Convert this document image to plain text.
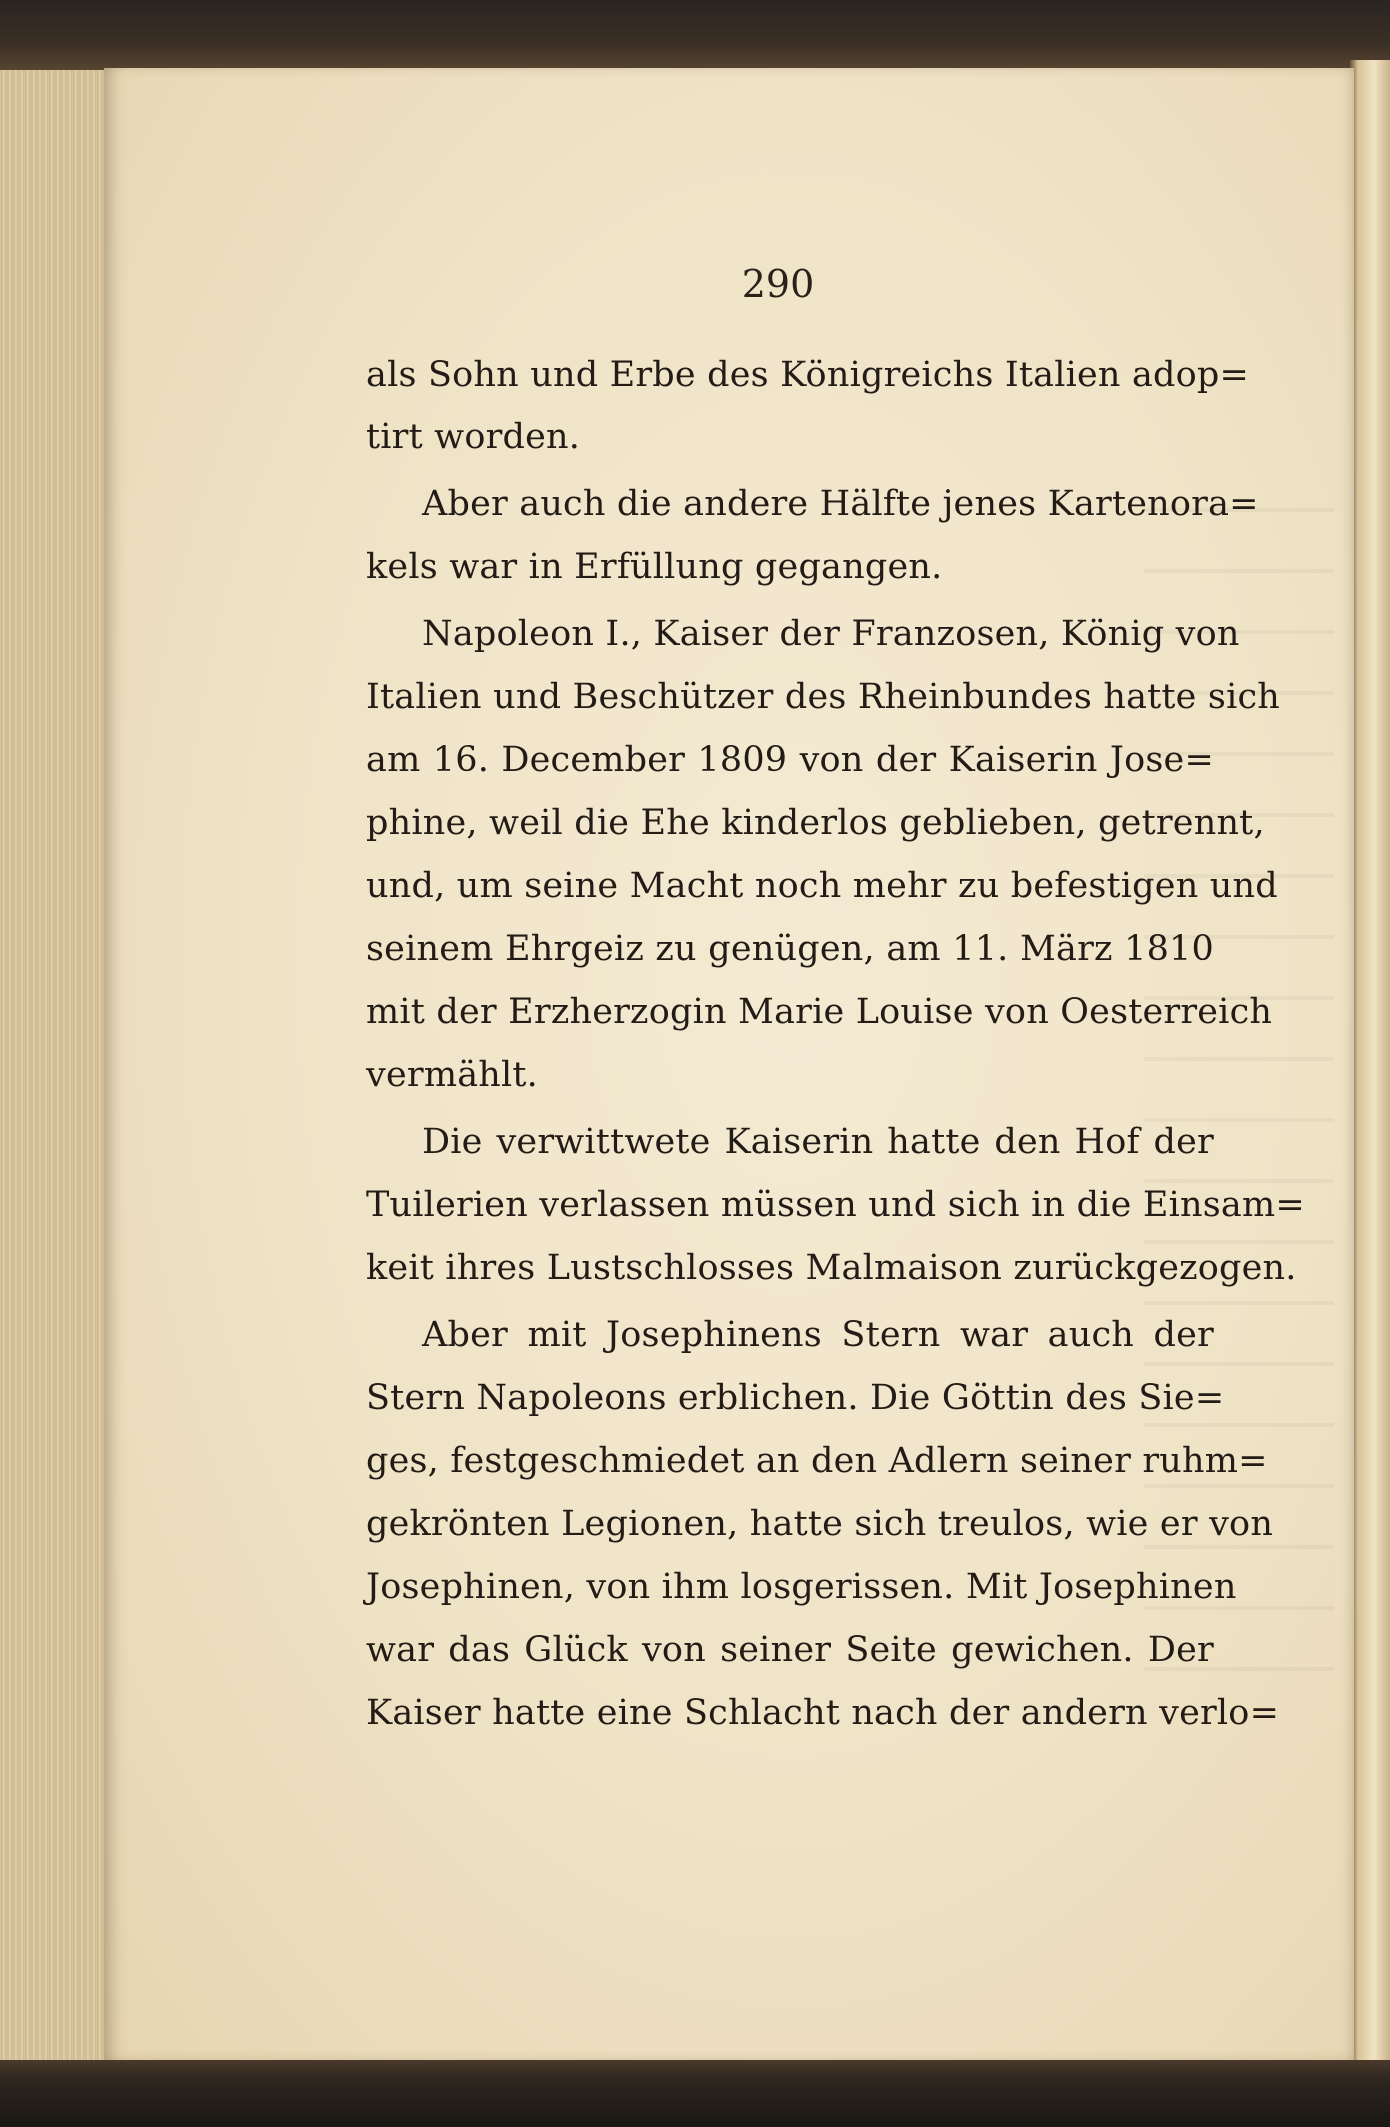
290
als Sohn und Erbe des Königreichs Italien adop=
tirt worden.
Aber auch die andere Hälfte jenes Kartenora=
kels war in Erfüllung gegangen.
Napoleon I., Kaiser der Franzosen, König von
Italien und Beschützer des Rheinbundes hatte sich
am 16. December 1809 von der Kaiserin Jose=
phine, weil die Ehe kinderlos geblieben, getrennt,
und, um seine Macht noch mehr zu befestigen und
seinem Ehrgeiz zu genügen, am 11. März 1810
mit der Erzherzogin Marie Louise von Oesterreich
vermählt.
Die verwittwete Kaiserin hatte den Hof der
Tuilerien verlassen müssen und sich in die Einsam=
keit ihres Lustschlosses Malmaison zurückgezogen.
Aber mit Josephinens Stern war auch der
Stern Napoleons erblichen. Die Göttin des Sie=
ges, festgeschmiedet an den Adlern seiner ruhm=
gekrönten Legionen, hatte sich treulos, wie er von
Josephinen, von ihm losgerissen. Mit Josephinen
war das Glück von seiner Seite gewichen. Der
Kaiser hatte eine Schlacht nach der andern verlo=
